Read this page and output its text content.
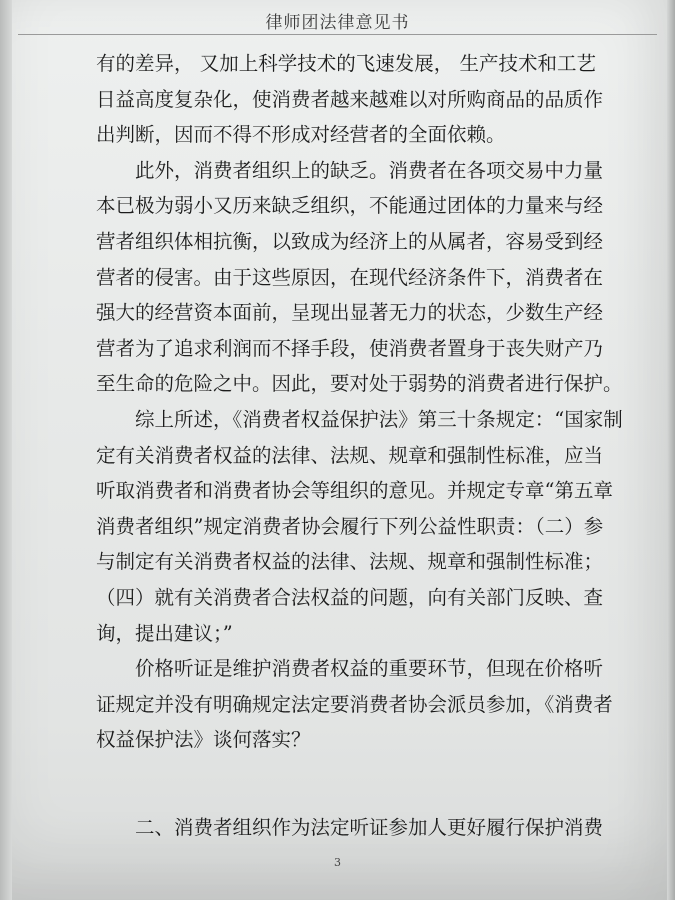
律师团法律意见书
有的差异， 又加上科学技术的飞速发展， 生产技术和工艺
日益高度复杂化，使消费者越来越难以对所购商品的品质作
出判断，因而不得不形成对经营者的全面依赖。
此外，消费者组织上的缺乏。消费者在各项交易中力量
本已极为弱小又历来缺乏组织，不能通过团体的力量来与经
营者组织体相抗衡，以致成为经济上的从属者，容易受到经
营者的侵害。由于这些原因，在现代经济条件下，消费者在
强大的经营资本面前，呈现出显著无力的状态，少数生产经
营者为了追求利润而不择手段，使消费者置身于丧失财产乃
至生命的危险之中。因此，要对处于弱势的消费者进行保护。
综上所述，《消费者权益保护法》第三十条规定：“国家制
定有关消费者权益的法律、法规、规章和强制性标准，应当
听取消费者和消费者协会等组织的意见。并规定专章“第五章
消费者组织”规定消费者协会履行下列公益性职责：（二）参
与制定有关消费者权益的法律、法规、规章和强制性标准；
（四）就有关消费者合法权益的问题，向有关部门反映、查
询，提出建议；”
价格听证是维护消费者权益的重要环节，但现在价格听
证规定并没有明确规定法定要消费者协会派员参加，《消费者
权益保护法》谈何落实？
二、消费者组织作为法定听证参加人更好履行保护消费
3
